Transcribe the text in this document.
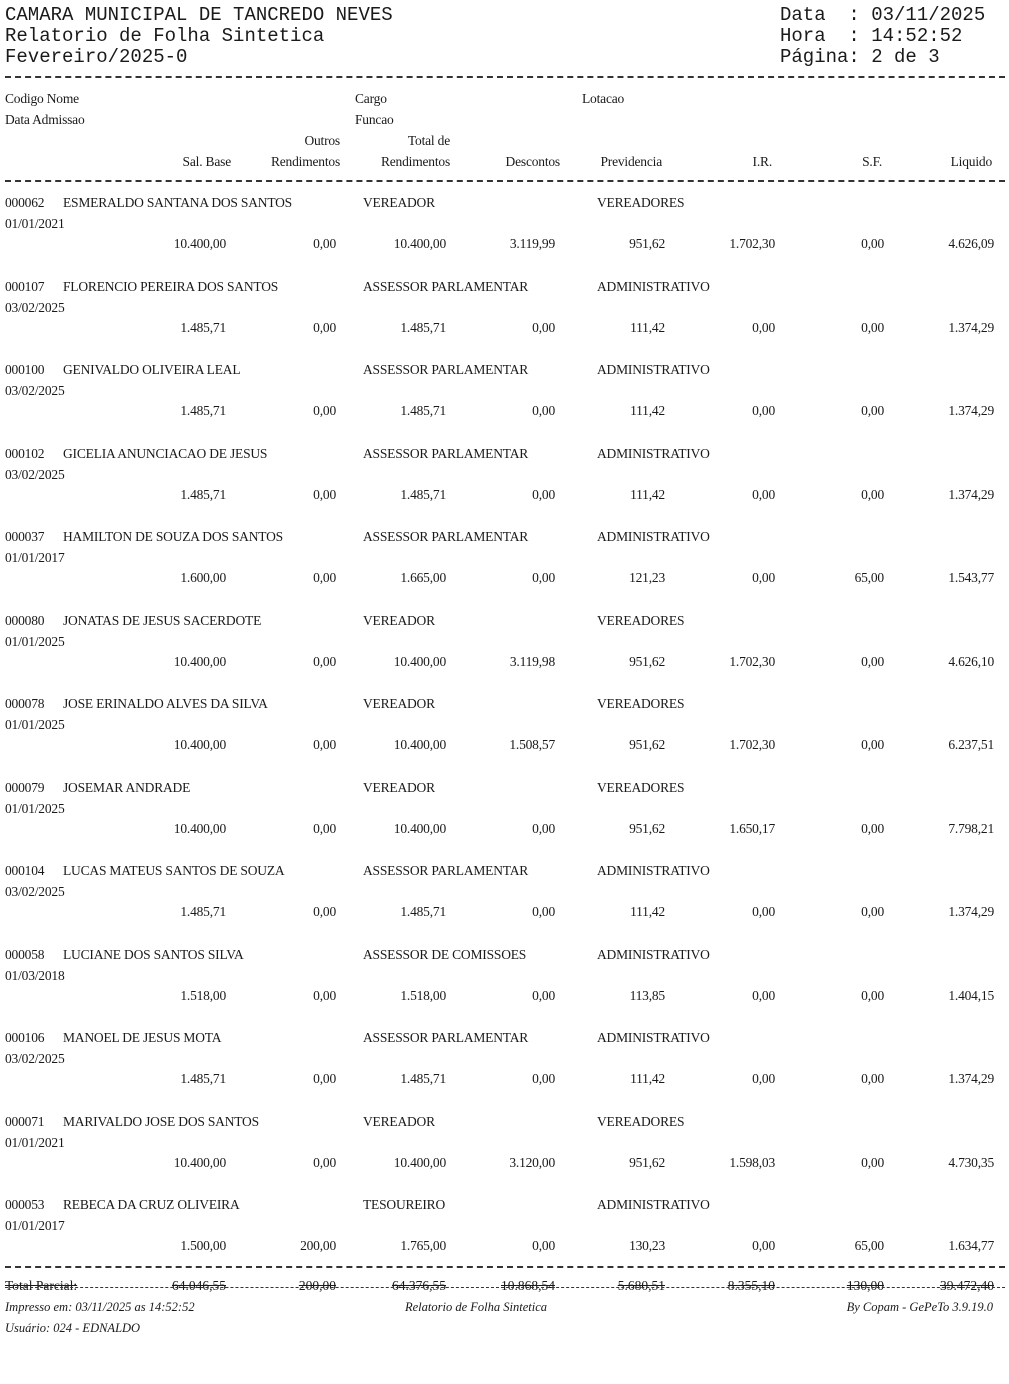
CAMARA MUNICIPAL DE TANCREDO NEVES
Relatorio de Folha Sintetica
Fevereiro/2025-0
Data  : 03/11/2025
Hora  : 14:52:52
Página: 2 de 3
Codigo Nome
Data Admissao
Cargo
Funcao
Lotacao
Outros	Total de
Sal. Base	Rendimentos	Rendimentos	Descontos	Previdencia	I.R.	S.F.	Liquido
000062 ESMERALDO SANTANA DOS SANTOS	VEREADOR	VEREADORES
01/01/2021
10.400,00	0,00	10.400,00	3.119,99	951,62	1.702,30	0,00	4.626,09
000107 FLORENCIO PEREIRA DOS SANTOS	ASSESSOR PARLAMENTAR	ADMINISTRATIVO
03/02/2025
1.485,71	0,00	1.485,71	0,00	111,42	0,00	0,00	1.374,29
000100 GENIVALDO OLIVEIRA LEAL	ASSESSOR PARLAMENTAR	ADMINISTRATIVO
03/02/2025
1.485,71	0,00	1.485,71	0,00	111,42	0,00	0,00	1.374,29
000102 GICELIA ANUNCIACAO DE JESUS	ASSESSOR PARLAMENTAR	ADMINISTRATIVO
03/02/2025
1.485,71	0,00	1.485,71	0,00	111,42	0,00	0,00	1.374,29
000037 HAMILTON DE SOUZA DOS SANTOS	ASSESSOR PARLAMENTAR	ADMINISTRATIVO
01/01/2017
1.600,00	0,00	1.665,00	0,00	121,23	0,00	65,00	1.543,77
000080 JONATAS DE JESUS SACERDOTE	VEREADOR	VEREADORES
01/01/2025
10.400,00	0,00	10.400,00	3.119,98	951,62	1.702,30	0,00	4.626,10
000078 JOSE ERINALDO ALVES DA SILVA	VEREADOR	VEREADORES
01/01/2025
10.400,00	0,00	10.400,00	1.508,57	951,62	1.702,30	0,00	6.237,51
000079 JOSEMAR ANDRADE	VEREADOR	VEREADORES
01/01/2025
10.400,00	0,00	10.400,00	0,00	951,62	1.650,17	0,00	7.798,21
000104 LUCAS MATEUS SANTOS DE SOUZA	ASSESSOR PARLAMENTAR	ADMINISTRATIVO
03/02/2025
1.485,71	0,00	1.485,71	0,00	111,42	0,00	0,00	1.374,29
000058 LUCIANE DOS SANTOS SILVA	ASSESSOR DE COMISSOES	ADMINISTRATIVO
01/03/2018
1.518,00	0,00	1.518,00	0,00	113,85	0,00	0,00	1.404,15
000106 MANOEL DE JESUS MOTA	ASSESSOR PARLAMENTAR	ADMINISTRATIVO
03/02/2025
1.485,71	0,00	1.485,71	0,00	111,42	0,00	0,00	1.374,29
000071 MARIVALDO JOSE DOS SANTOS	VEREADOR	VEREADORES
01/01/2021
10.400,00	0,00	10.400,00	3.120,00	951,62	1.598,03	0,00	4.730,35
000053 REBECA DA CRUZ OLIVEIRA	TESOUREIRO	ADMINISTRATIVO
01/01/2017
1.500,00	200,00	1.765,00	0,00	130,23	0,00	65,00	1.634,77
Total Parcial:	64.046,55	200,00	64.376,55	10.868,54	5.680,51	8.355,10	130,00	39.472,40
Impresso em: 03/11/2025 as 14:52:52	Relatorio de Folha Sintetica	By Copam - GePeTo 3.9.19.0
Usuário: 024 - EDNALDO
